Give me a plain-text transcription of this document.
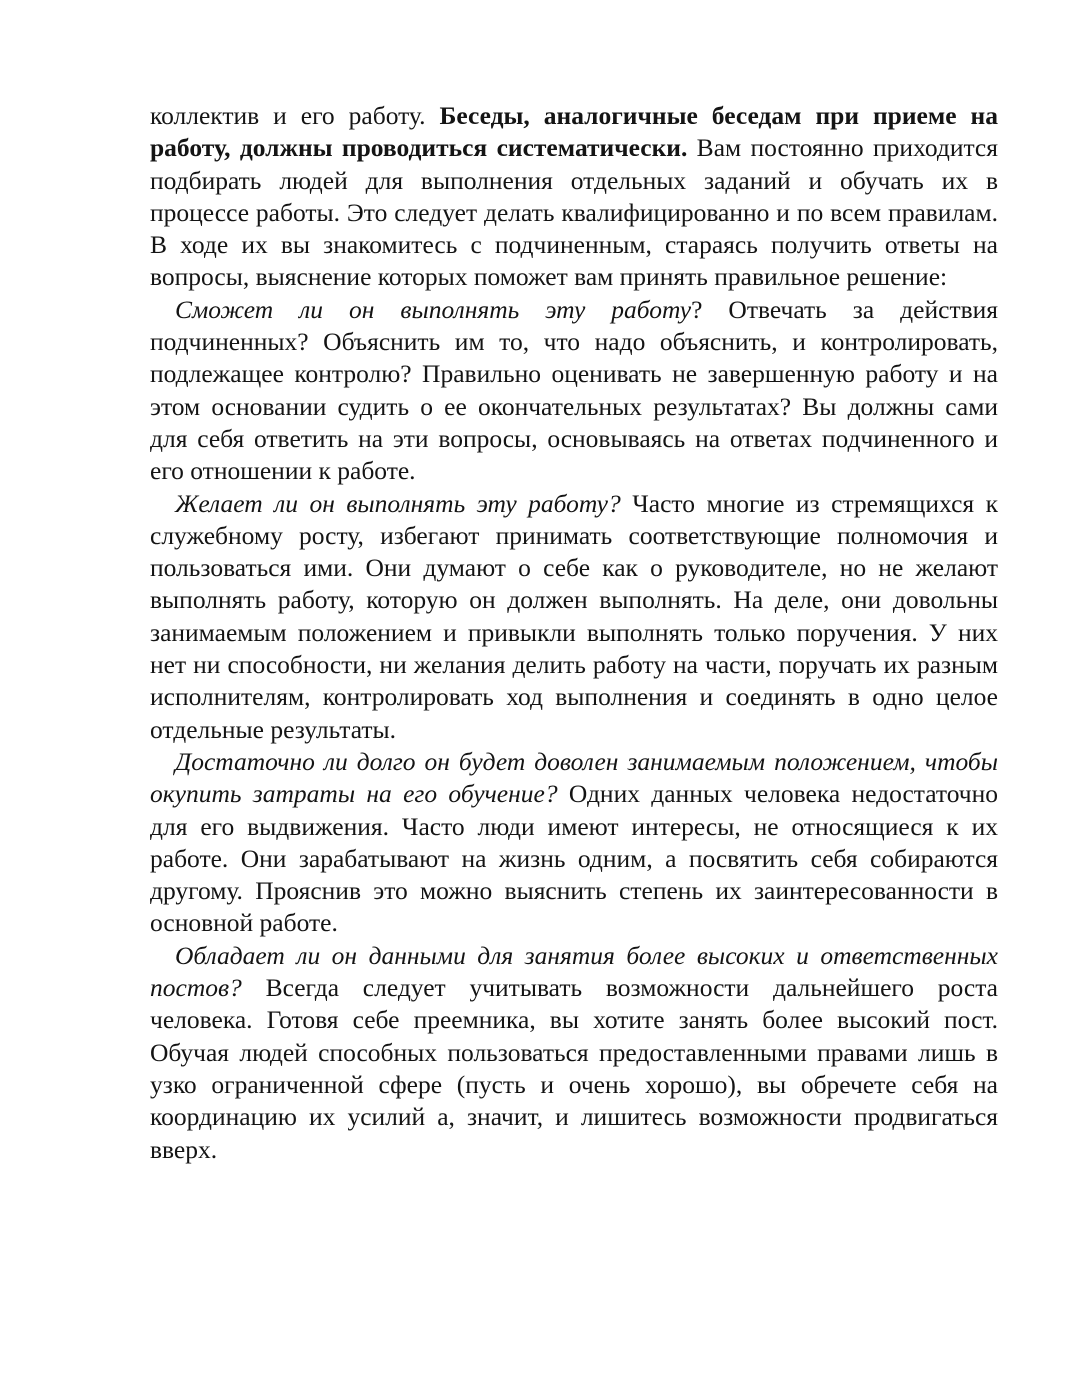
коллектив и его работу. Беседы, аналогичные беседам при приеме на работу, должны проводиться систематически. Вам постоянно приходится подбирать людей для выполнения отдельных заданий и обучать их в процессе работы. Это следует делать квалифицированно и по всем правилам. В ходе их вы знакомитесь с подчиненным, стараясь получить ответы на вопросы, выяснение которых поможет вам принять правильное решение:

Сможет ли он выполнять эту работу? Отвечать за действия подчиненных? Объяснить им то, что надо объяснить, и контролировать, подлежащее контролю? Правильно оценивать не завершенную работу и на этом основании судить о ее окончательных результатах? Вы должны сами для себя ответить на эти вопросы, основываясь на ответах подчиненного и его отношении к работе.

Желает ли он выполнять эту работу? Часто многие из стремящихся к служебному росту, избегают принимать соответствующие полномочия и пользоваться ими. Они думают о себе как о руководителе, но не желают выполнять работу, которую он должен выполнять. На деле, они довольны занимаемым положением и привыкли выполнять только поручения. У них нет ни способности, ни желания делить работу на части, поручать их разным исполнителям, контролировать ход выполнения и соединять в одно целое отдельные результаты.

Достаточно ли долго он будет доволен занимаемым положением, чтобы окупить затраты на его обучение? Одних данных человека недостаточно для его выдвижения. Часто люди имеют интересы, не относящиеся к их работе. Они зарабатывают на жизнь одним, а посвятить себя собираются другому. Прояснив это можно выяснить степень их заинтересованности в основной работе.

Обладает ли он данными для занятия более высоких и ответственных постов? Всегда следует учитывать возможности дальнейшего роста человека. Готовя себе преемника, вы хотите занять более высокий пост. Обучая людей способных пользоваться предоставленными правами лишь в узко ограниченной сфере (пусть и очень хорошо), вы обречете себя на координацию их усилий а, значит, и лишитесь возможности продвигаться вверх.
